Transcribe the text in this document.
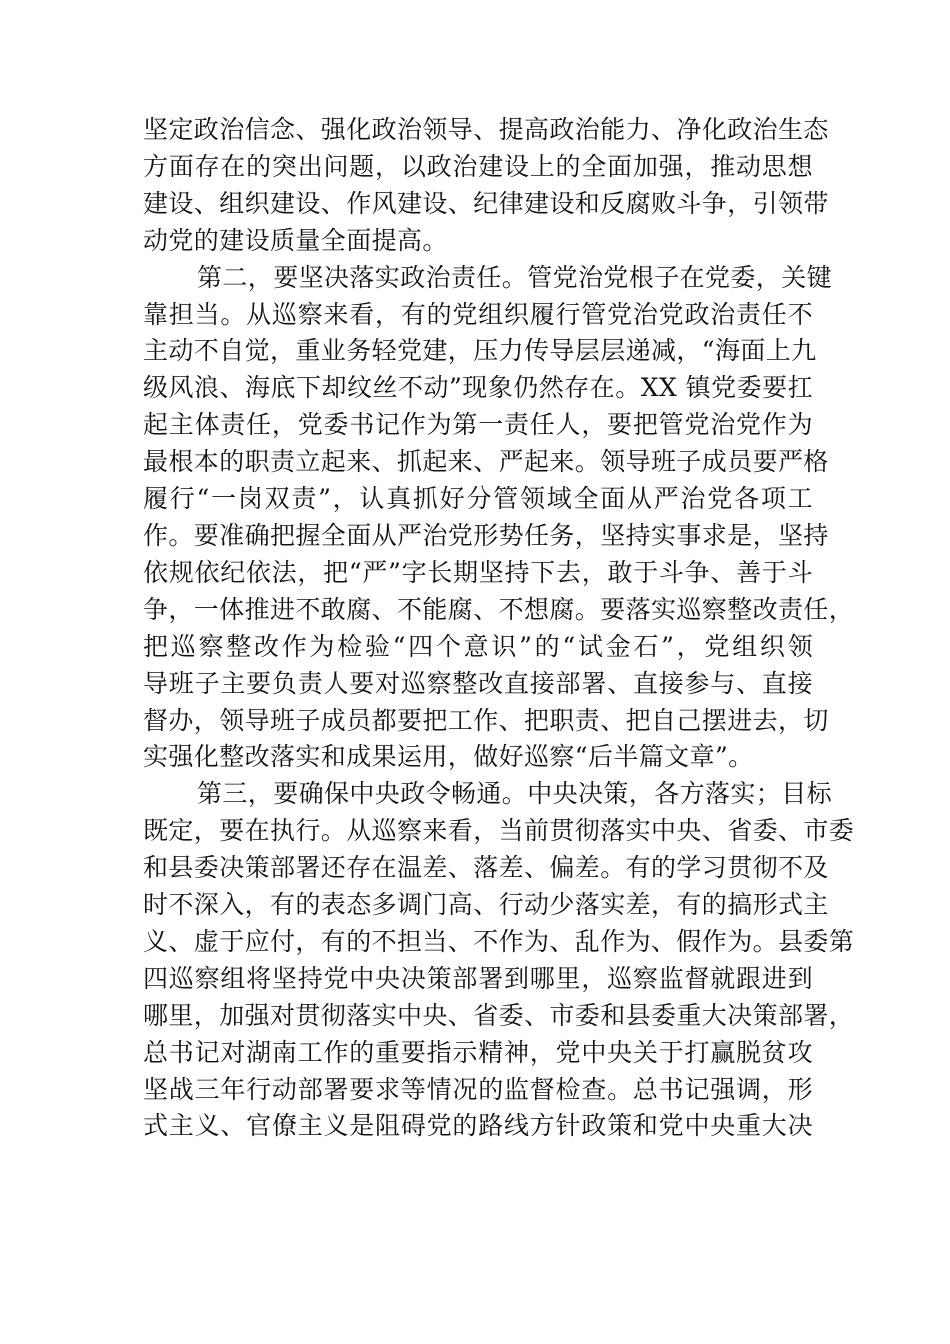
坚定政治信念、强化政治领导、提高政治能力、净化政治生态
方面存在的突出问题，以政治建设上的全面加强，推动思想
建设、组织建设、作风建设、纪律建设和反腐败斗争，引领带
动党的建设质量全面提高。

第二，要坚决落实政治责任。管党治党根子在党委，关键
靠担当。从巡察来看，有的党组织履行管党治党政治责任不
主动不自觉，重业务轻党建，压力传导层层递减，“海面上九
级风浪、海底下却纹丝不动”现象仍然存在。XX 镇党委要扛
起主体责任，党委书记作为第一责任人，要把管党治党作为
最根本的职责立起来、抓起来、严起来。领导班子成员要严格
履行“一岗双责”，认真抓好分管领域全面从严治党各项工
作。要准确把握全面从严治党形势任务，坚持实事求是，坚持
依规依纪依法，把“严”字长期坚持下去，敢于斗争、善于斗
争，一体推进不敢腐、不能腐、不想腐。要落实巡察整改责任，
把巡察整改作为检验“四个意识”的“试金石”，党组织领
导班子主要负责人要对巡察整改直接部署、直接参与、直接
督办，领导班子成员都要把工作、把职责、把自己摆进去，切
实强化整改落实和成果运用，做好巡察“后半篇文章”。

第三，要确保中央政令畅通。中央决策，各方落实；目标
既定，要在执行。从巡察来看，当前贯彻落实中央、省委、市委
和县委决策部署还存在温差、落差、偏差。有的学习贯彻不及
时不深入，有的表态多调门高、行动少落实差，有的搞形式主
义、虚于应付，有的不担当、不作为、乱作为、假作为。县委第
四巡察组将坚持党中央决策部署到哪里，巡察监督就跟进到
哪里，加强对贯彻落实中央、省委、市委和县委重大决策部署，
总书记对湖南工作的重要指示精神，党中央关于打赢脱贫攻
坚战三年行动部署要求等情况的监督检查。总书记强调，形
式主义、官僚主义是阻碍党的路线方针政策和党中央重大决
